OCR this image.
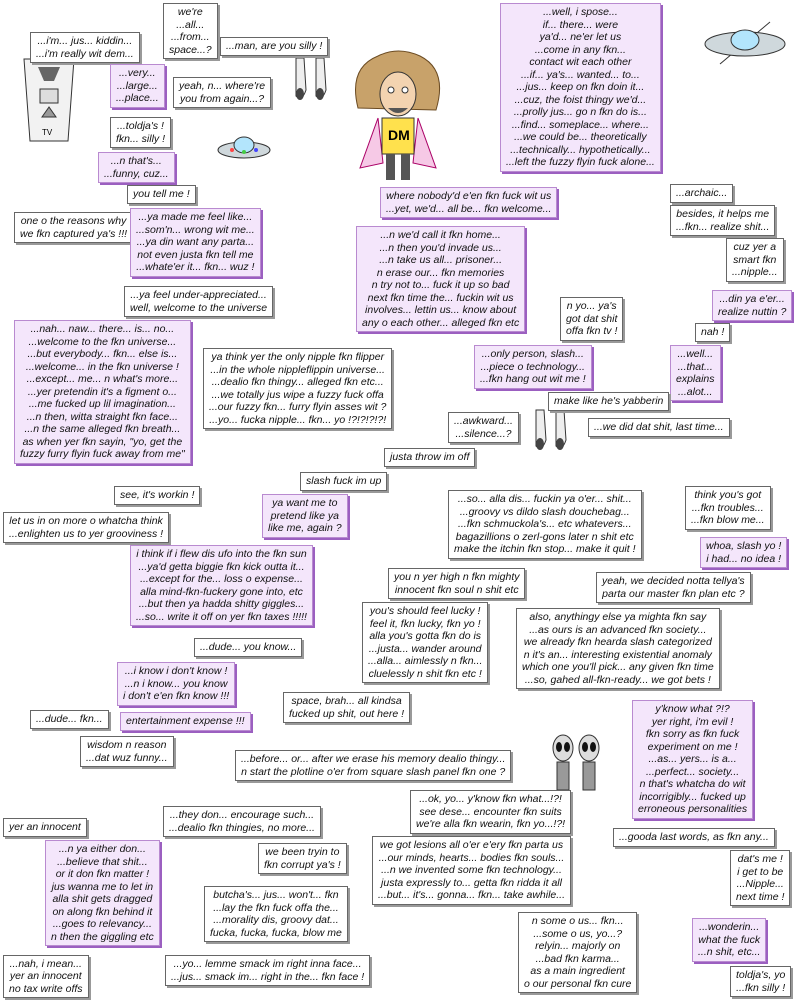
TV	DM
...i'm... jus... kiddin...
...i'm really wit dem...
we're
...all...
...from...
space...? ...man, are you silly !
...very...
...large...
...place...
yeah, n... where're
you from again...?
...toldja's !
fkn... silly !
...n that's...
...funny, cuz...
you tell me !
one o the reasons why
we fkn captured ya's !!!
...ya made me feel like...
...som'n... wrong wit me...
...ya din want any parta...
not even justa fkn tell me
...whate'er it... fkn... wuz !
...ya feel under-appreciated...
well, welcome to the universe
...nah... naw... there... is... no...
...welcome to the fkn universe...
...but everybody... fkn... else is...
...welcome... in the fkn universe !
...except... me... n what's more...
...yer pretendin it's a figment o...
...me fucked up lil imagination...
...n then, witta straight fkn face...
...n the same alleged fkn breath...
as when yer fkn sayin, "yo, get the
fuzzy furry flyin fuck away from me"
ya think yer the only nipple fkn flipper
...in the whole nippleflippin universe...
...dealio fkn thingy... alleged fkn etc...
...we totally jus wipe a fuzzy fuck offa
...our fuzzy fkn... furry flyin asses wit ?
...yo... fucka nipple... fkn... yo !?!?!?!?!
...well, i spose...
if... there... were
ya'd... ne'er let us
...come in any fkn...
contact wit each other
...if... ya's... wanted... to...
...jus... keep on fkn doin it...
...cuz, the foist thingy we'd...
...prolly jus... go n fkn do is...
...find... someplace... where...
...we could be... theoretically
...technically... hypothetically...
...left the fuzzy flyin fuck alone...
where nobody'd e'en fkn fuck wit us
...yet, we'd... all be... fkn welcome...
...archaic...
besides, it helps me
...fkn... realize shit...
...n we'd call it fkn home...
...n then you'd invade us...
...n take us all... prisoner...
n erase our... fkn memories
n try not to... fuck it up so bad
next fkn time the... fuckin wit us
involves... lettin us... know about
any o each other... alleged fkn etc
cuz yer a
smart fkn
...nipple...
...din ya e'er...
realize nuttin ?
n yo... ya's
got dat shit
offa fkn tv !	nah !
...only person, slash...
...piece o technology...
...fkn hang out wit me !
...well...
...that...
explains
...alot...
make like he's yabberin
...awkward...
...silence...?
...we did dat shit, last time...
justa throw im off
slash fuck im up
see, it's workin !
let us in on more o whatcha think
...enlighten us to yer grooviness !
ya want me to
pretend like ya
like me, again ?
...so... alla dis... fuckin ya o'er... shit...
...groovy vs dildo slash douchebag...
...fkn schmuckola's... etc whatevers...
bagazillions o zerl-gons later n shit etc
make the itchin fkn stop... make it quit !
think you's got
...fkn troubles...
...fkn blow me...
whoa, slash yo !
i had... no idea !
i think if i flew dis ufo into the fkn sun
...ya'd getta biggie fkn kick outta it...
...except for the... loss o expense...
alla mind-fkn-fuckery gone into, etc
...but then ya hadda shitty giggles...
...so... write it off on yer fkn taxes !!!!!
you n yer high n fkn mighty
innocent fkn soul n shit etc
yeah, we decided notta tellya's
parta our master fkn plan etc ?
you's should feel lucky !
feel it, fkn lucky, fkn yo !
alla you's gotta fkn do is
...justa... wander around
...alla... aimlessly n fkn...
cluelessly n shit fkn etc !
also, anythingy else ya mighta fkn say
...as ours is an advanced fkn society...
we already fkn hearda slash categorized
n it's an... interesting existential anomaly
which one you'll pick... any given fkn time
...so, gahed all-fkn-ready... we got bets !
...dude... you know...
...i know i don't know !
...n i know... you know
i don't e'en fkn know !!!
...dude... fkn... entertainment expense !!!
space, brah... all kindsa
fucked up shit, out here !
wisdom n reason
...dat wuz funny...
y'know what ?!?
yer right, i'm evil !
fkn sorry as fkn fuck
experiment on me !
...as... yers... is a...
...perfect... society...
n that's whatcha do wit
incorrigibly... fucked up
erroneous personalities
...before... or... after we erase his memory dealio thingy...
n start the plotline o'er from square slash panel fkn one ?
...ok, yo... y'know fkn what...!?!
see dese... encounter fkn suits
we're alla fkn wearin, fkn yo...!?!
...they don... encourage such...
...dealio fkn thingies, no more...
yer an innocent
...gooda last words, as fkn any...
...n ya either don...
...believe that shit...
or it don fkn matter !
jus wanna me to let in
alla shit gets dragged
on along fkn behind it
...goes to relevancy...
n then the giggling etc
we been tryin to
fkn corrupt ya's !
we got lesions all o'er e'ery fkn parta us
...our minds, hearts... bodies fkn souls...
...n we invented some fkn technology...
justa expressly to... getta fkn ridda it all
...but... it's... gonna... fkn... take awhile...
dat's me !
i get to be
...Nipple...
next time !
butcha's... jus... won't... fkn
...lay the fkn fuck offa the...
...morality dis, groovy dat...
fucka, fucka, fucka, blow me
n some o us... fkn...
...some o us, yo...?
relyin... majorly on
...bad fkn karma...
as a main ingredient
o our personal fkn cure
...wonderin...
what the fuck
...n shit, etc...
...yo... lemme smack im right inna face...
...jus... smack im... right in the... fkn face !
...nah, i mean...
yer an innocent
no tax write offs
toldja's, yo
...fkn silly !
